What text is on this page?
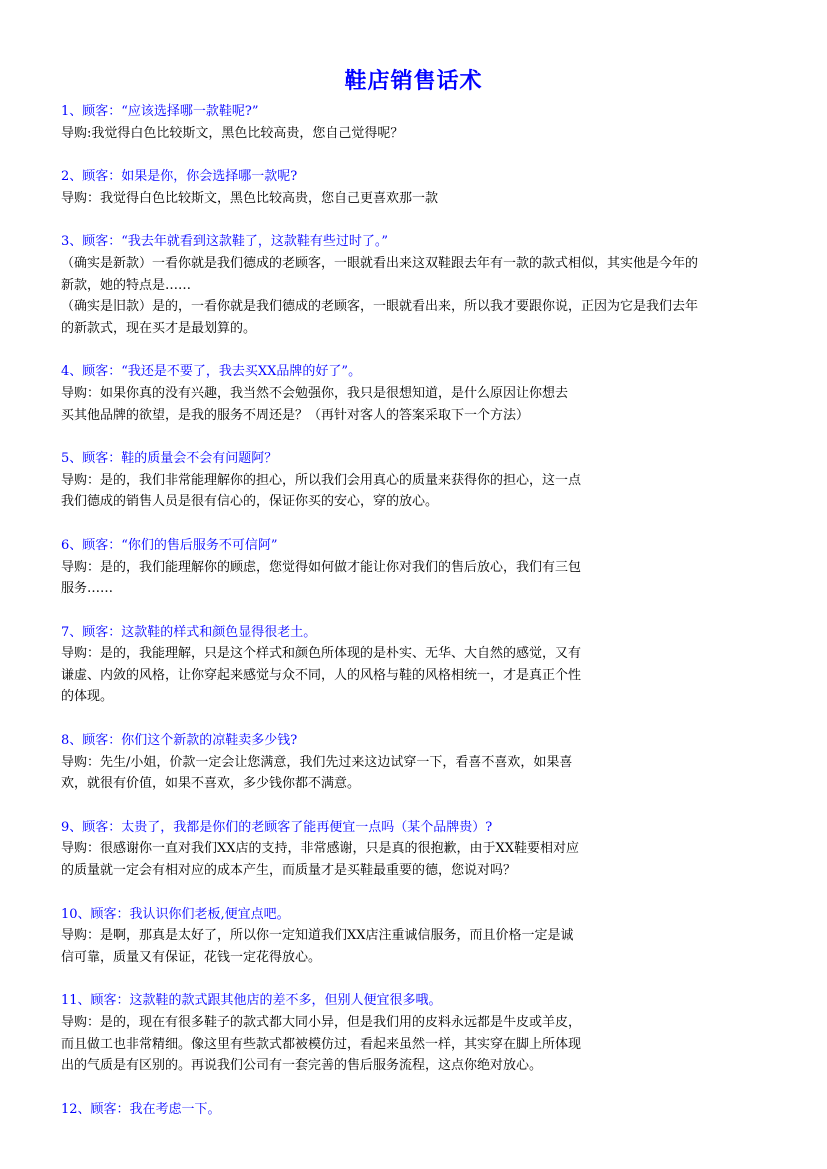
鞋店销售话术
1、顾客：“应该选择哪一款鞋呢?”
导购:我觉得白色比较斯文，黑色比较高贵，您自己觉得呢？
2、顾客：如果是你，你会选择哪一款呢?
导购：我觉得白色比较斯文，黑色比较高贵，您自己更喜欢那一款
3、顾客：“我去年就看到这款鞋了，这款鞋有些过时了。”
（确实是新款）一看你就是我们德成的老顾客，一眼就看出来这双鞋跟去年有一款的款式相似，其实他是今年的
新款，她的特点是……
（确实是旧款）是的，一看你就是我们德成的老顾客，一眼就看出来，所以我才要跟你说，正因为它是我们去年
的新款式，现在买才是最划算的。
4、顾客：“我还是不要了，我去买XX品牌的好了”。
导购：如果你真的没有兴趣，我当然不会勉强你，我只是很想知道，是什么原因让你想去
买其他品牌的欲望，是我的服务不周还是？（再针对客人的答案采取下一个方法）
5、顾客：鞋的质量会不会有问题阿？
导购：是的，我们非常能理解你的担心，所以我们会用真心的质量来获得你的担心，这一点
我们德成的销售人员是很有信心的，保证你买的安心，穿的放心。
6、顾客：“你们的售后服务不可信阿”
导购：是的，我们能理解你的顾虑，您觉得如何做才能让你对我们的售后放心，我们有三包
服务……
7、顾客：这款鞋的样式和颜色显得很老土。
导购：是的，我能理解，只是这个样式和颜色所体现的是朴实、无华、大自然的感觉，又有
谦虚、内敛的风格，让你穿起来感觉与众不同，人的风格与鞋的风格相统一，才是真正个性
的体现。
8、顾客：你们这个新款的凉鞋卖多少钱?
导购：先生/小姐，价款一定会让您满意，我们先过来这边试穿一下，看喜不喜欢，如果喜
欢，就很有价值，如果不喜欢，多少钱你都不满意。
9、顾客：太贵了，我都是你们的老顾客了能再便宜一点吗（某个品牌贵）?
导购：很感谢你一直对我们XX店的支持，非常感谢，只是真的很抱歉，由于XX鞋要相对应
的质量就一定会有相对应的成本产生，而质量才是买鞋最重要的德，您说对吗？
10、顾客：我认识你们老板,便宜点吧。
导购：是啊，那真是太好了，所以你一定知道我们XX店注重诚信服务，而且价格一定是诚
信可靠，质量又有保证，花钱一定花得放心。
11、顾客：这款鞋的款式跟其他店的差不多，但别人便宜很多哦。
导购：是的，现在有很多鞋子的款式都大同小异，但是我们用的皮料永远都是牛皮或羊皮，
而且做工也非常精细。像这里有些款式都被模仿过，看起来虽然一样，其实穿在脚上所体现
出的气质是有区别的。再说我们公司有一套完善的售后服务流程，这点你绝对放心。
12、顾客：我在考虑一下。
